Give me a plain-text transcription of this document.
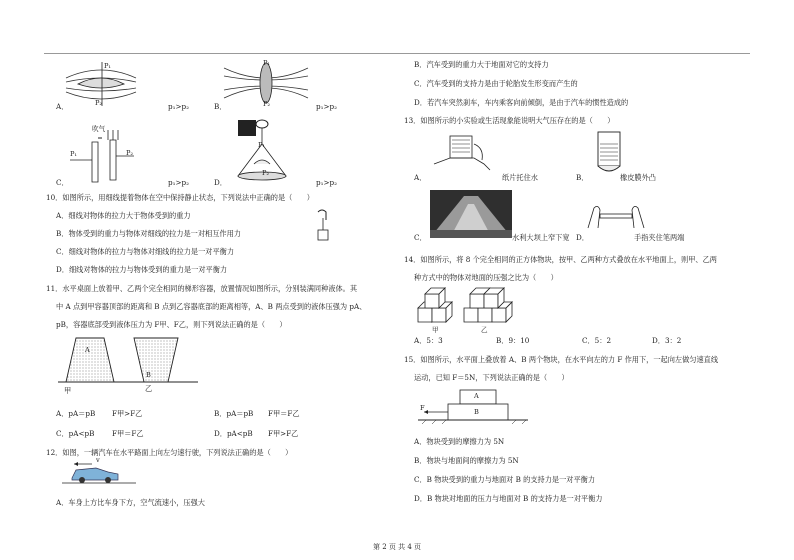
P₁
P₂
A．	p₁>p₂
P₁
P₂
B．	p₁>p₂
吹气
P₁	P₂
C．	p₁>p₂
P₁
P₂
D．	p₁>p₂
10．如图所示，用细线提着物体在空中保持静止状态，下列说法中正确的是（　　）
A．细线对物体的拉力大于物体受到的重力
B．物体受到的重力与物体对细线的拉力是一对相互作用力
C．细线对物体的拉力与物体对细线的拉力是一对平衡力
D．细线对物体的拉力与物体受到的重力是一对平衡力
11．水平桌面上放着甲、乙两个完全相同的梯形容器，放置情况如图所示，分别装满同种液体。其
中 A 点到甲容器顶部的距离和 B 点到乙容器底部的距离相等，A、B 两点受到的液体压强为 pA、
pB，容器底部受到液体压力为 F甲、F乙，则下列说法正确的是（　　）
A
B
甲	乙
A．pA＝pB F甲>F乙	B．pA＝pB F甲＝F乙
C．pA<pB F甲＝F乙	D．pA<pB F甲>F乙
12．如图，一辆汽车在水平路面上向左匀速行驶，下列说法正确的是（　　）
v
A．车身上方比车身下方，空气流速小，压强大
B．汽车受到的重力大于地面对它的支持力
C．汽车受到的支持力是由于轮胎发生形变而产生的
D．若汽车突然刹车，车内乘客向前倾倒，是由于汽车的惯性造成的
13．如图所示的小实验或生活现象能说明大气压存在的是（　　）
A．	纸片托住水	B．	橡皮膜外凸
C．	水利大坝上窄下宽 D．	手指夹住笔两端
14．如图所示，将 8 个完全相同的正方体物块，按甲、乙两种方式叠放在水平地面上，则甲、乙两
种方式中的物体对地面的压强之比为（　　）
甲	乙
A．5：3	B．9：10	C．5：2	D．3：2
15．如图所示，水平面上叠放着 A、B 两个物块，在水平向左的力 F 作用下，一起向左做匀速直线
运动，已知 F＝5N，下列说法正确的是（　　）
F
A
B
A．物块受到的摩擦力为 5N
B．物块与地面间的摩擦力为 5N
C．B 物块受到的重力与地面对 B 的支持力是一对平衡力
D．B 物块对地面的压力与地面对 B 的支持力是一对平衡力
第 2 页 共 4 页
